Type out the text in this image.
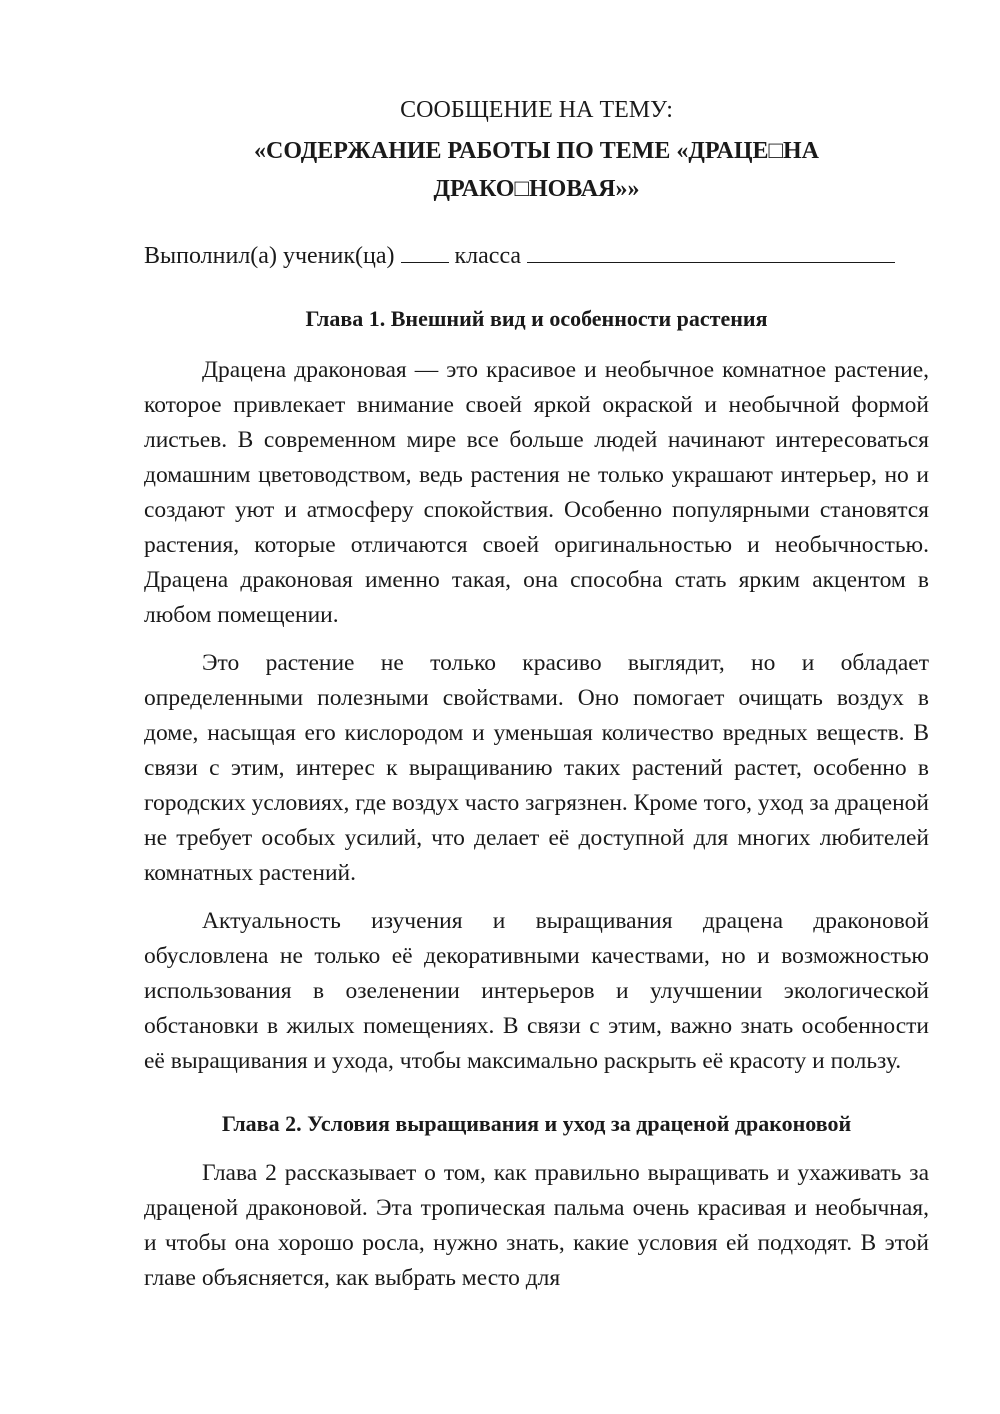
СООБЩЕНИЕ НА ТЕМУ:
«СОДЕРЖАНИЕ РАБОТЫ ПО ТЕМЕ «ДРАЦЕ□НА
ДРАКО□НОВАЯ»»
Выполнил(а) ученик(ца)	класса
Глава 1. Внешний вид и особенности растения

Драцена драконовая — это красивое и необычное комнатное растение, которое привлекает внимание своей яркой окраской и необычной формой листьев. В современном мире все больше людей начинают интересоваться домашним цветоводством, ведь растения не только украшают интерьер, но и создают уют и атмосферу спокойствия. Особенно популярными становятся растения, которые отличаются своей оригинальностью и необычностью. Драцена драконовая именно такая, она способна стать ярким акцентом в любом помещении.

Это растение не только красиво выглядит, но и обладает определенными полезными свойствами. Оно помогает очищать воздух в доме, насыщая его кислородом и уменьшая количество вредных веществ. В связи с этим, интерес к выращиванию таких растений растет, особенно в городских условиях, где воздух часто загрязнен. Кроме того, уход за драценой не требует особых усилий, что делает её доступной для многих любителей комнатных растений.

Актуальность изучения и выращивания драцена драконовой обусловлена не только её декоративными качествами, но и возможностью использования в озеленении интерьеров и улучшении экологической обстановки в жилых помещениях. В связи с этим, важно знать особенности её выращивания и ухода, чтобы максимально раскрыть её красоту и пользу.

Глава 2. Условия выращивания и уход за драценой драконовой

Глава 2 рассказывает о том, как правильно выращивать и ухаживать за драценой драконовой. Эта тропическая пальма очень красивая и необычная, и чтобы она хорошо росла, нужно знать, какие условия ей подходят. В этой главе объясняется, как выбрать место для
